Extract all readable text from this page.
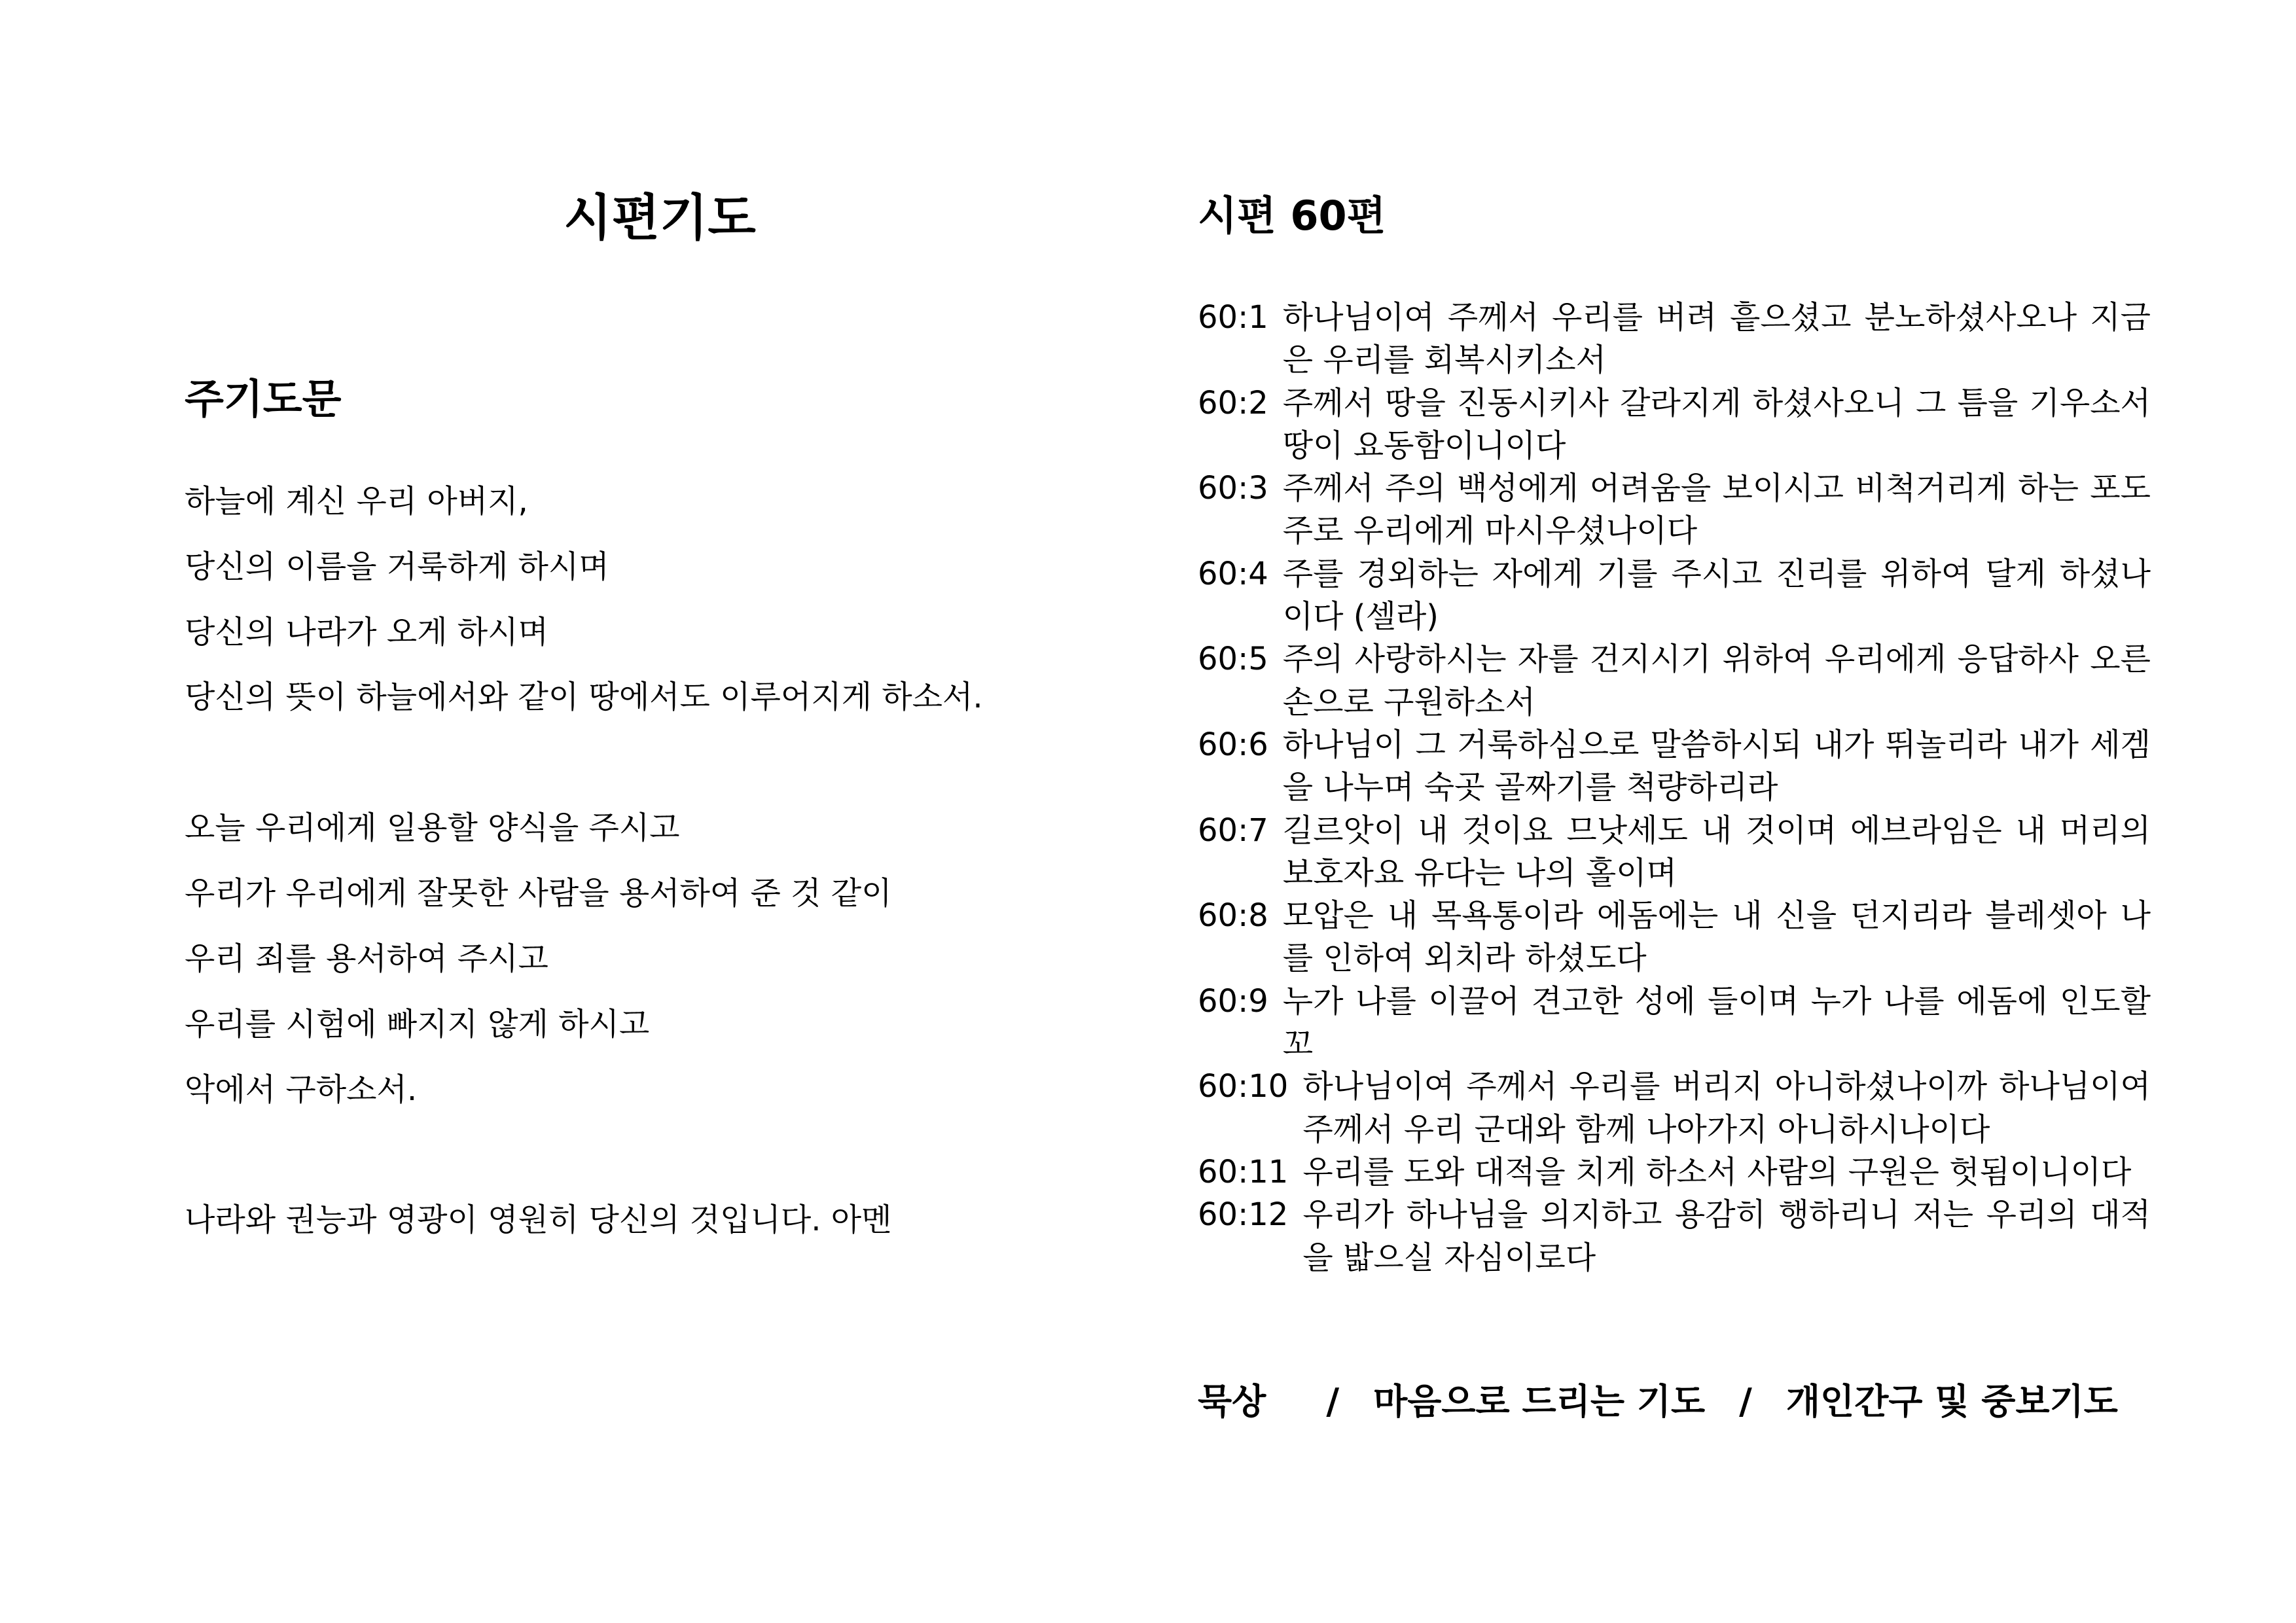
시편기도
주기도문
하늘에 계신 우리 아버지,
당신의 이름을 거룩하게 하시며
당신의 나라가 오게 하시며
당신의 뜻이 하늘에서와 같이 땅에서도 이루어지게 하소서.
오늘 우리에게 일용할 양식을 주시고
우리가 우리에게 잘못한 사람을 용서하여 준 것 같이
우리 죄를 용서하여 주시고
우리를 시험에 빠지지 않게 하시고
악에서 구하소서.
나라와 권능과 영광이 영원히 당신의 것입니다. 아멘
시편 60편
60:1 하나님이여 주께서 우리를 버려 흩으셨고 분노하셨사오나 지금은 우리를 회복시키소서
60:2 주께서 땅을 진동시키사 갈라지게 하셨사오니 그 틈을 기우소서 땅이 요동함이니이다
60:3 주께서 주의 백성에게 어려움을 보이시고 비척거리게 하는 포도주로 우리에게 마시우셨나이다
60:4 주를 경외하는 자에게 기를 주시고 진리를 위하여 달게 하셨나이다 (셀라)
60:5 주의 사랑하시는 자를 건지시기 위하여 우리에게 응답하사 오른손으로 구원하소서
60:6 하나님이 그 거룩하심으로 말씀하시되 내가 뛰놀리라 내가 세겜을 나누며 숙곳 골짜기를 척량하리라
60:7 길르앗이 내 것이요 므낫세도 내 것이며 에브라임은 내 머리의 보호자요 유다는 나의 홀이며
60:8 모압은 내 목욕통이라 에돔에는 내 신을 던지리라 블레셋아 나를 인하여 외치라 하셨도다
60:9 누가 나를 이끌어 견고한 성에 들이며 누가 나를 에돔에 인도할꼬
60:10 하나님이여 주께서 우리를 버리지 아니하셨나이까 하나님이여 주께서 우리 군대와 함께 나아가지 아니하시나이다
60:11 우리를 도와 대적을 치게 하소서 사람의 구원은 헛됨이니이다
60:12 우리가 하나님을 의지하고 용감히 행하리니 저는 우리의 대적을 밟으실 자심이로다
묵상 / 마음으로 드리는 기도 / 개인간구 및 중보기도
